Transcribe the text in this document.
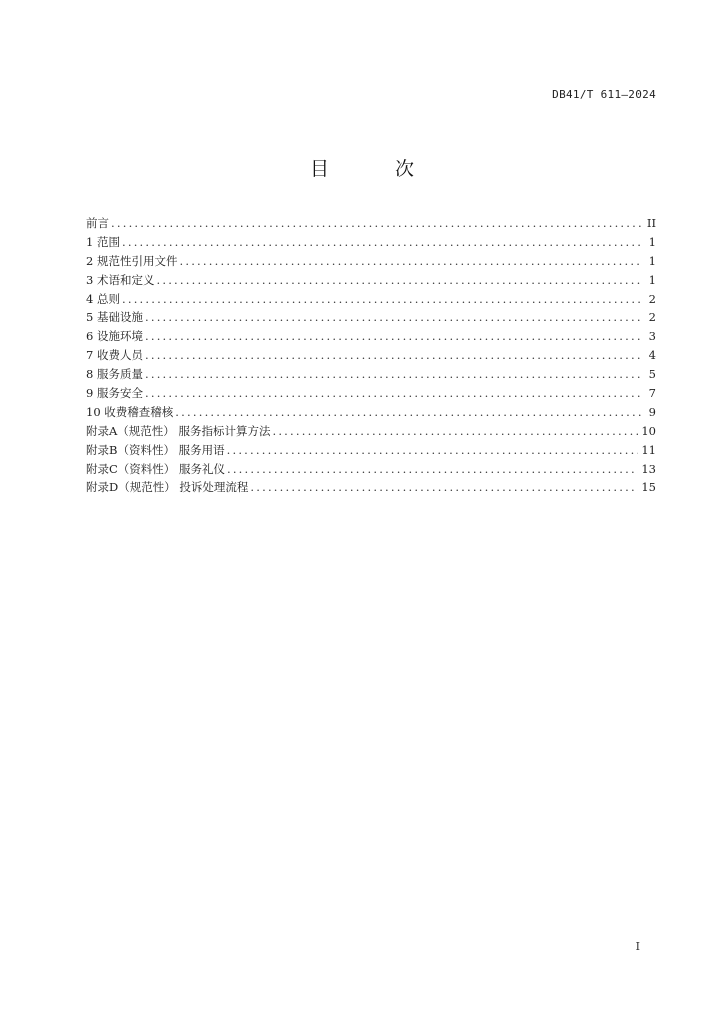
DB41/T 611—2024
目 次
前言 .....	II
1 范围 .....	1
2 规范性引用文件 .....	1
3 术语和定义 .....	1
4 总则 .....	2
5 基础设施 .....	2
6 设施环境 .....	3
7 收费人员 .....	4
8 服务质量 .....	5
9 服务安全 .....	7
10 收费稽查稽核 .....	9
附录A（规范性） 服务指标计算方法 .....	10
附录B（资料性） 服务用语 .....	11
附录C（资料性） 服务礼仪 .....	13
附录D（规范性） 投诉处理流程 .....	15
I
